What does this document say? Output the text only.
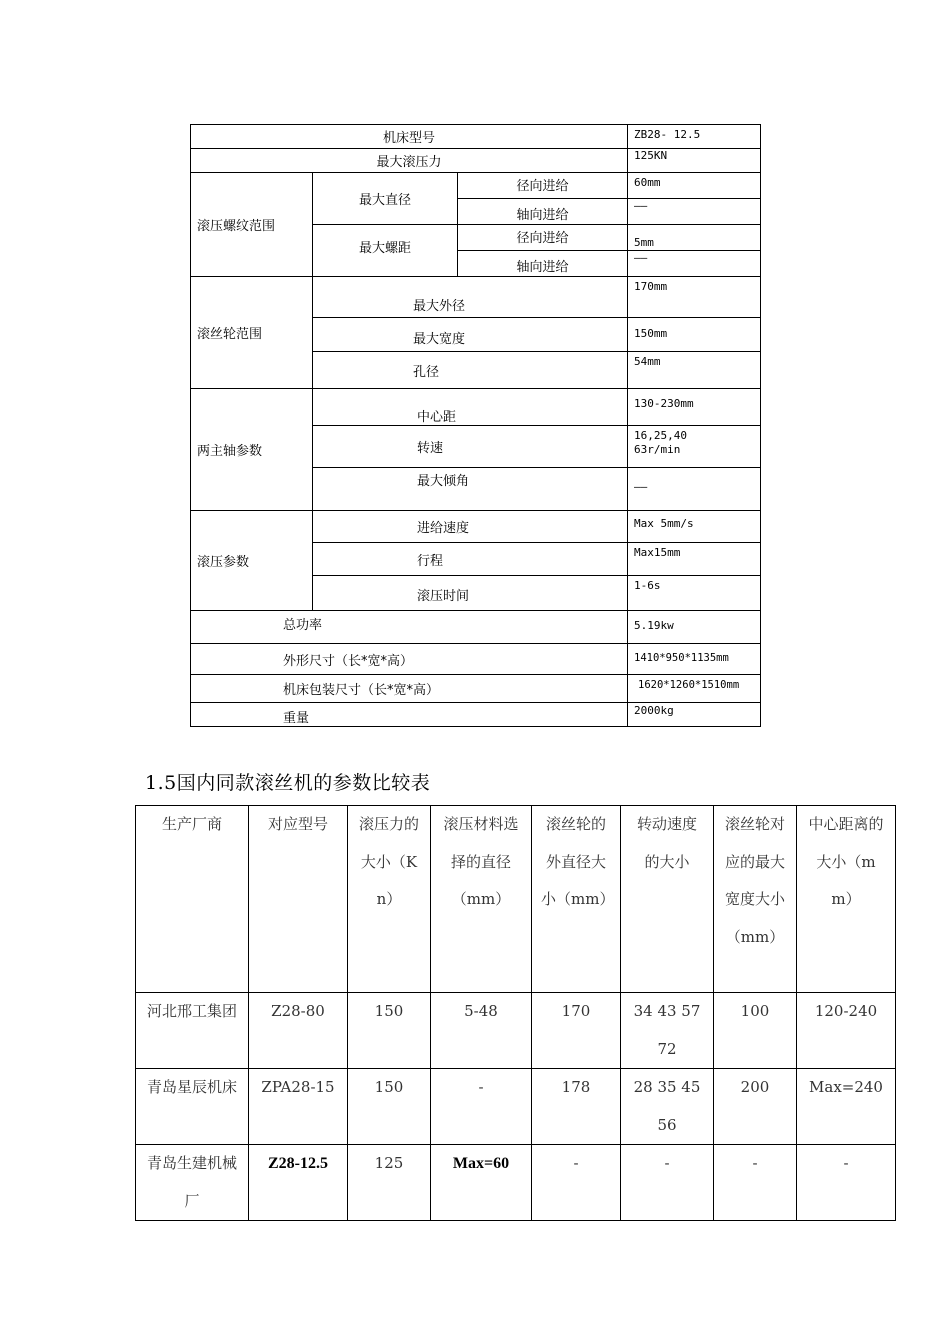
机床型号			ZB28- 12.5
最大滚压力			125KN
滚压螺纹范围	最大直径	径向进给	60mm
		轴向进给	——
	最大螺距	径向进给	5mm
		轴向进给	——
滚丝轮范围	最大外径		170mm
	最大宽度		150mm
	孔径		54mm
两主轴参数	中心距		130-230mm
	转速		16,25,40
63r/min
	最大倾角		——
滚压参数	进给速度		Max 5mm/s
	行程		Max15mm
	滚压时间		1-6s
总功率			5.19kw
外形尺寸（长*宽*高）			1410*950*1135mm
机床包装尺寸（长*宽*高）			1620*1260*1510mm
重量			2000kg
1.5国内同款滚丝机的参数比较表
生产厂商	对应型号	滚压力的大小（Kn）	滚压材料选择的直径（mm）	滚丝轮的外直径大小（mm）	转动速度的大小	滚丝轮对应的最大宽度大小（mm）	中心距离的大小（mm）
河北邢工集团	Z28-80	150	5-48	170	34 43 57 72	100	120-240
青岛星辰机床	ZPA28-15	150	-	178	28 35 45 56	200	Max=240
青岛生建机械厂	Z28-12.5	125	Max=60	-	-	-	-
